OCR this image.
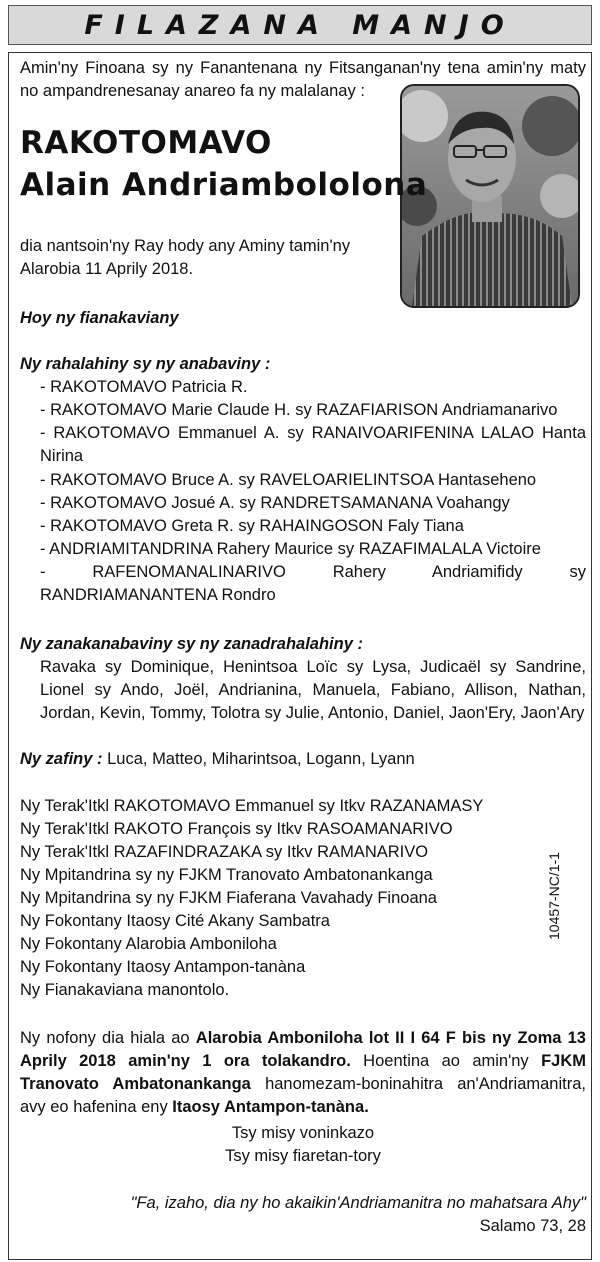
FILAZANA MANJO
Amin'ny Finoana sy ny Fanantenana ny Fitsanganan'ny tena amin'ny maty no ampandrenesanay anareo fa ny malalanay :
RAKOTOMAVO
Alain Andriambololona
dia nantsoin'ny Ray hody any Aminy tamin'ny
Alarobia 11 Aprily 2018.
Hoy ny fianakaviany
Ny rahalahiny sy ny anabaviny :
- RAKOTOMAVO Patricia R.
- RAKOTOMAVO Marie Claude H. sy RAZAFIARISON Andriamanarivo
- RAKOTOMAVO Emmanuel A. sy RANAIVOARIFENINA LALAO Hanta Nirina
- RAKOTOMAVO Bruce A. sy RAVELOARIELINTSOA Hantaseheno
- RAKOTOMAVO Josué A. sy RANDRETSAMANANA Voahangy
- RAKOTOMAVO Greta R. sy RAHAINGOSON Faly Tiana
- ANDRIAMITANDRINA Rahery Maurice sy RAZAFIMALALA Victoire
- RAFENOMANALINARIVO Rahery Andriamifidy sy RANDRIAMANANTENA Rondro
Ny zanakanabaviny sy ny zanadrahalahiny :
Ravaka sy Dominique, Henintsoa Loïc sy Lysa, Judicaël sy Sandrine, Lionel sy Ando, Joël, Andrianina, Manuela, Fabiano, Allison, Nathan, Jordan, Kevin, Tommy, Tolotra sy Julie, Antonio, Daniel, Jaon'Ery, Jaon'Ary
Ny zafiny : Luca, Matteo, Miharintsoa, Logann, Lyann
Ny Terak'Itkl RAKOTOMAVO Emmanuel sy Itkv RAZANAMASY
Ny Terak'Itkl RAKOTO François sy Itkv RASOAMANARIVO
Ny Terak'Itkl RAZAFINDRAZAKA sy Itkv RAMANARIVO
Ny Mpitandrina sy ny FJKM Tranovato Ambatonankanga
Ny Mpitandrina sy ny FJKM Fiaferana Vavahady Finoana
Ny Fokontany Itaosy Cité Akany Sambatra
Ny Fokontany Alarobia Amboniloha
Ny Fokontany Itaosy Antampon-tanàna
Ny Fianakaviana manontolo.
10457-NC/1-1
Ny nofony dia hiala ao Alarobia Amboniloha lot II I 64 F bis ny Zoma 13 Aprily 2018 amin'ny 1 ora tolakandro. Hoentina ao amin'ny FJKM Tranovato Ambatonankanga hanomezam-boninahitra an'Andriamanitra, avy eo hafenina eny Itaosy Antampon-tanàna.
Tsy misy voninkazo
Tsy misy fiaretan-tory
"Fa, izaho, dia ny ho akaikin'Andriamanitra no mahatsara Ahy"
Salamo 73, 28
